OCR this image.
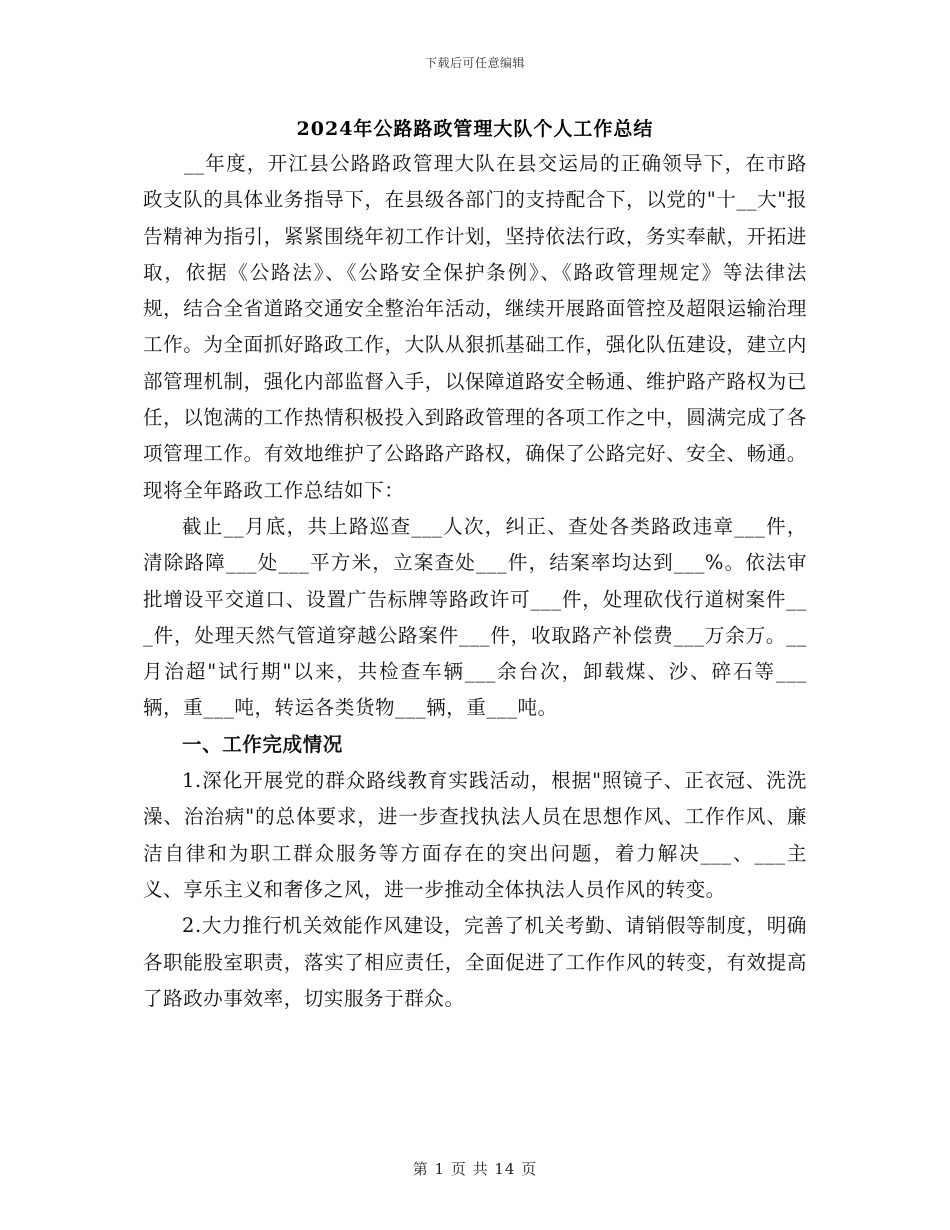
下载后可任意编辑
2024年公路路政管理大队个人工作总结

__年度，开江县公路路政管理大队在县交运局的正确领导下，在市路政支队的具体业务指导下，在县级各部门的支持配合下，以党的"十__大"报告精神为指引，紧紧围绕年初工作计划，坚持依法行政，务实奉献，开拓进取，依据《公路法》、《公路安全保护条例》、《路政管理规定》等法律法规，结合全省道路交通安全整治年活动，继续开展路面管控及超限运输治理工作。为全面抓好路政工作，大队从狠抓基础工作，强化队伍建设，建立内部管理机制，强化内部监督入手，以保障道路安全畅通、维护路产路权为已任，以饱满的工作热情积极投入到路政管理的各项工作之中，圆满完成了各项管理工作。有效地维护了公路路产路权，确保了公路完好、安全、畅通。现将全年路政工作总结如下：

截止__月底，共上路巡查___人次，纠正、查处各类路政违章___件，清除路障___处___平方米，立案查处___件，结案率均达到___%。依法审批增设平交道口、设置广告标牌等路政许可___件，处理砍伐行道树案件___件，处理天然气管道穿越公路案件___件，收取路产补偿费___万余万。__月治超"试行期"以来，共检查车辆___余台次，卸载煤、沙、碎石等___辆，重___吨，转运各类货物___辆，重___吨。

一、工作完成情况

1.深化开展党的群众路线教育实践活动，根据"照镜子、正衣冠、洗洗澡、治治病"的总体要求，进一步查找执法人员在思想作风、工作作风、廉洁自律和为职工群众服务等方面存在的突出问题，着力解决___、___主义、享乐主义和奢侈之风，进一步推动全体执法人员作风的转变。

2.大力推行机关效能作风建设，完善了机关考勤、请销假等制度，明确各职能股室职责，落实了相应责任，全面促进了工作作风的转变，有效提高了路政办事效率，切实服务于群众。

第 1 页 共 14 页
